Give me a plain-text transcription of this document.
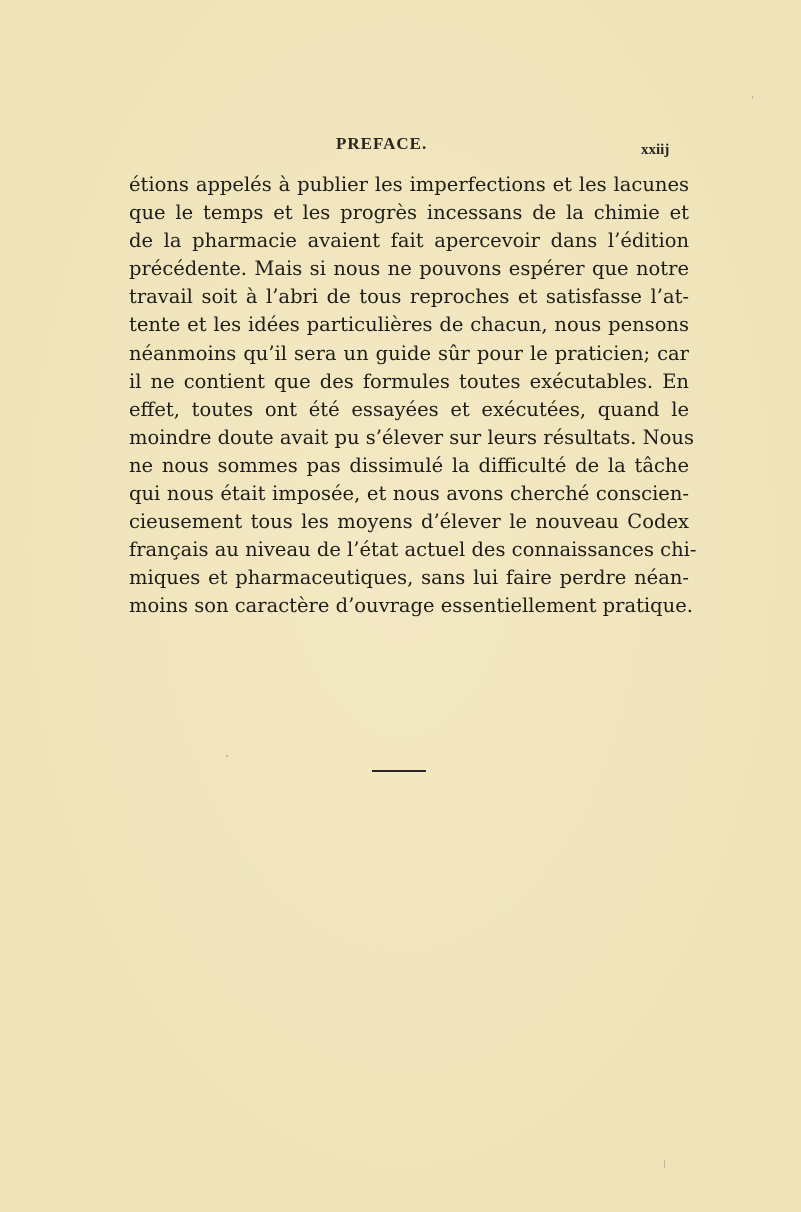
PREFACE.	xxiij
étions appelés à publier les imperfections et les lacunes
que le temps et les progrès incessans de la chimie et
de la pharmacie avaient fait apercevoir dans l’édition
précédente. Mais si nous ne pouvons espérer que notre
travail soit à l’abri de tous reproches et satisfasse l’at-
tente et les idées particulières de chacun, nous pensons
néanmoins qu’il sera un guide sûr pour le praticien; car
il ne contient que des formules toutes exécutables. En
effet, toutes ont été essayées et exécutées, quand le
moindre doute avait pu s’élever sur leurs résultats. Nous
ne nous sommes pas dissimulé la difficulté de la tâche
qui nous était imposée, et nous avons cherché conscien-
cieusement tous les moyens d’élever le nouveau Codex
français au niveau de l’état actuel des connaissances chi-
miques et pharmaceutiques, sans lui faire perdre néan-
moins son caractère d’ouvrage essentiellement pratique.
